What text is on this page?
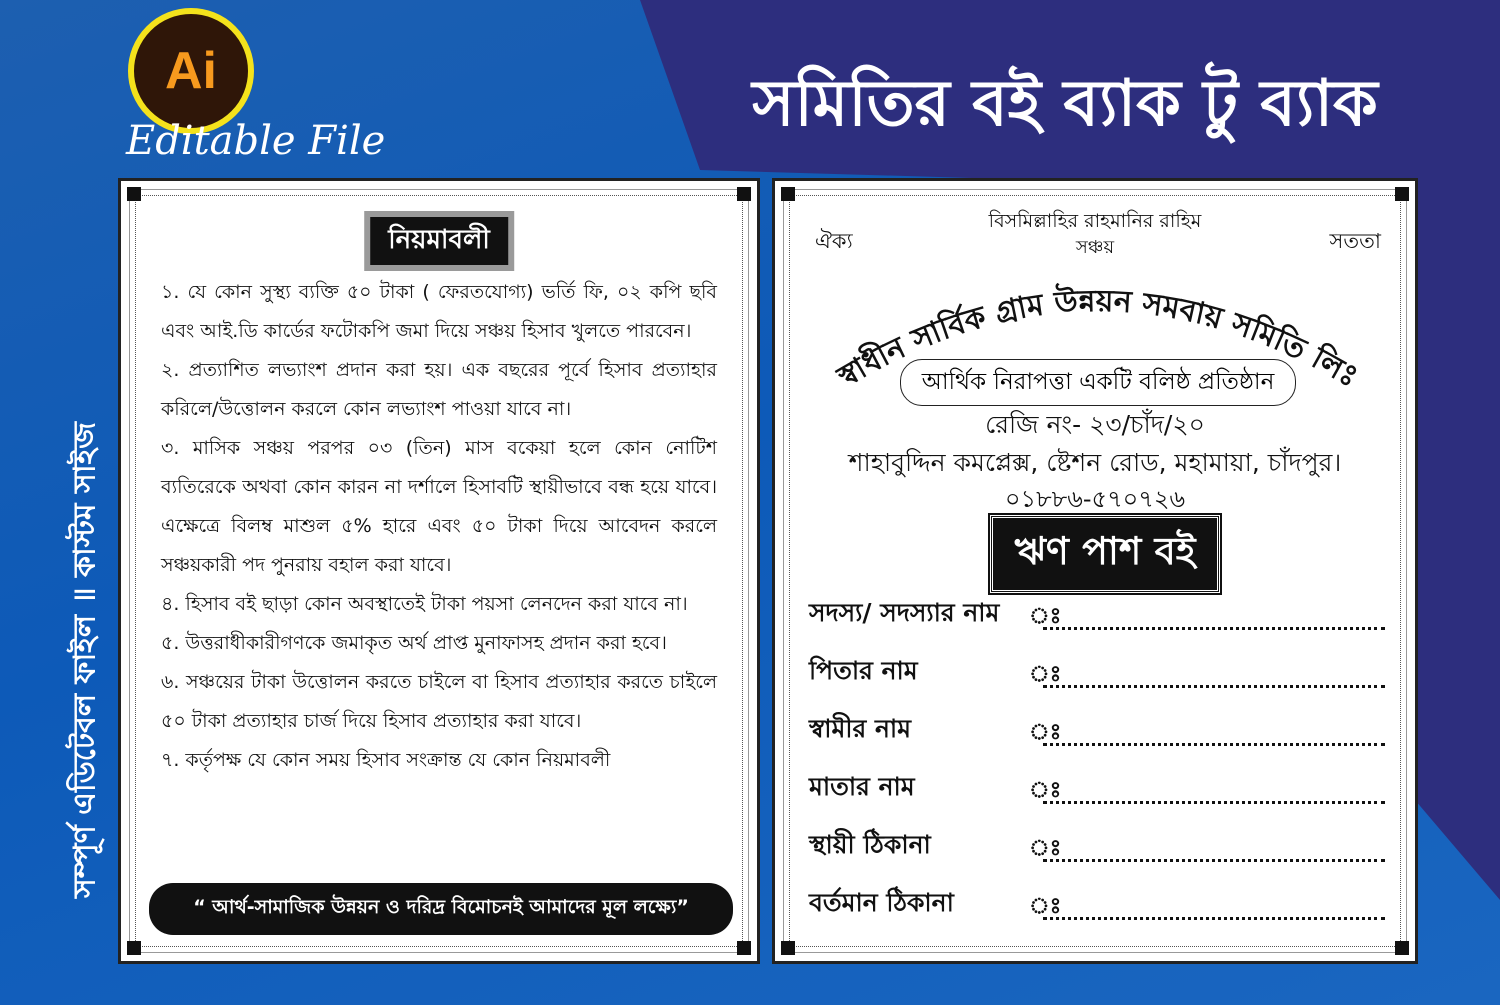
Ai
Editable File	সমিতির বই ব্যাক টু ব্যাক
সম্পূর্ণ এডিটেবল ফাইল ॥ কাস্টম সাইজ
নিয়মাবলী
১. যে কোন সুস্থ্য ব্যক্তি ৫০ টাকা ( ফেরতযোগ্য) ভর্তি ফি, ০২ কপি ছবি এবং আই.ডি কার্ডের ফটোকপি জমা দিয়ে সঞ্চয় হিসাব খুলতে পারবেন।
২. প্রত্যাশিত লভ্যাংশ প্রদান করা হয়। এক বছরের পূর্বে হিসাব প্রত্যাহার করিলে/উত্তোলন করলে কোন লভ্যাংশ পাওয়া যাবে না।
৩. মাসিক সঞ্চয় পরপর ০৩ (তিন) মাস বকেয়া হলে কোন নোটিশ ব্যতিরেকে অথবা কোন কারন না দর্শালে হিসাবটি স্থায়ীভাবে বন্ধ হয়ে যাবে। এক্ষেত্রে বিলম্ব মাশুল ৫% হারে এবং ৫০ টাকা দিয়ে আবেদন করলে সঞ্চয়কারী পদ পুনরায় বহাল করা যাবে।
৪. হিসাব বই ছাড়া কোন অবস্থাতেই টাকা পয়সা লেনদেন করা যাবে না।
৫. উত্তরাধীকারীগণকে জমাকৃত অর্থ প্রাপ্ত মুনাফাসহ প্রদান করা হবে।
৬. সঞ্চয়ের টাকা উত্তোলন করতে চাইলে বা হিসাব প্রত্যাহার করতে চাইলে ৫০ টাকা প্রত্যাহার চার্জ দিয়ে হিসাব প্রত্যাহার করা যাবে।
৭. কর্তৃপক্ষ যে কোন সময় হিসাব সংক্রান্ত যে কোন নিয়মাবলী
“ আর্থ-সামাজিক উন্নয়ন ও দরিদ্র বিমোচনই আমাদের মূল লক্ষ্যে”
বিসমিল্লাহির রাহমানির রাহিম
ঐক্য	সততা
সঞ্চয়
স্বাধীন সার্বিক গ্রাম উন্নয়ন সমবায় সমিতি লিঃ
আর্থিক নিরাপত্তা একটি বলিষ্ঠ প্রতিষ্ঠান
রেজি নং- ২৩/চাঁদ/২০
শাহাবুদ্দিন কমপ্লেক্স, ষ্টেশন রোড, মহামায়া, চাঁদপুর।
০১৮৮৬-৫৭০৭২৬
ঋণ পাশ বই
সদস্য/ সদস্যার নাম	ঃ
পিতার নাম	ঃ
স্বামীর নাম	ঃ
মাতার নাম	ঃ
স্থায়ী ঠিকানা	ঃ
বর্তমান ঠিকানা	ঃ
